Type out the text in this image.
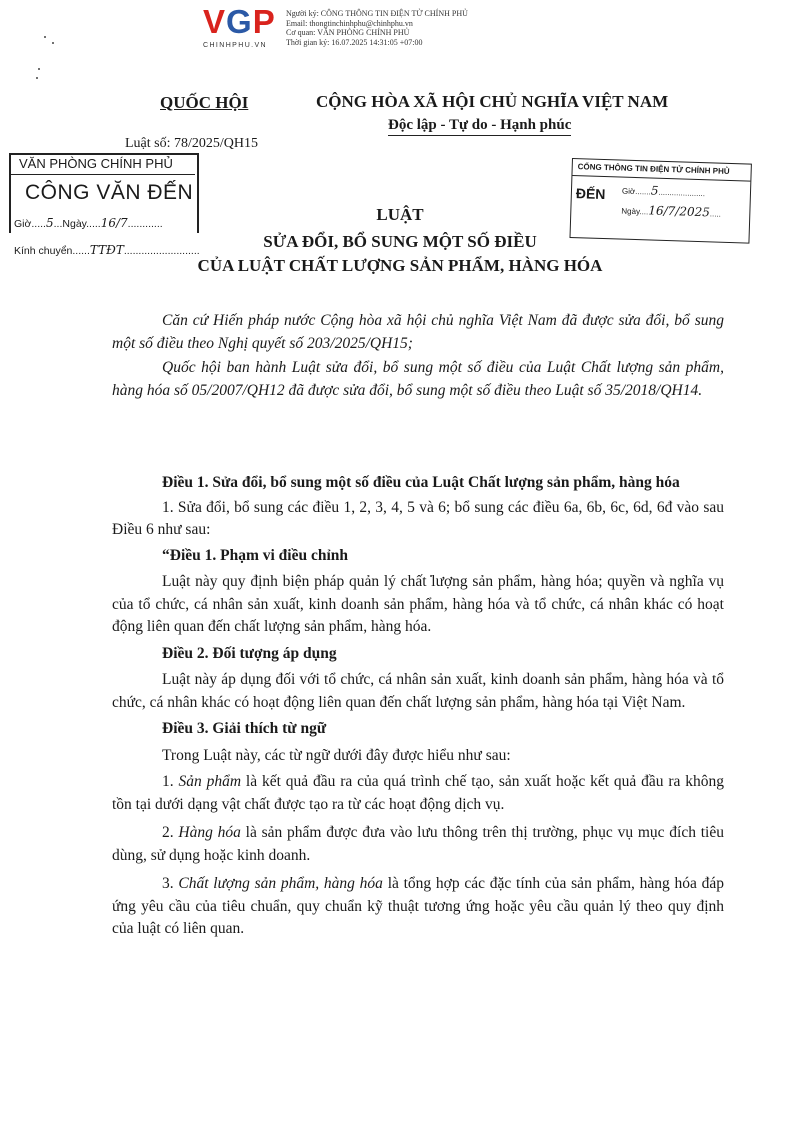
VGP
CHINHPHU.VN
Người ký: CÔNG THÔNG TIN ĐIỆN TỬ CHÍNH PHỦ
Email: thongtinchinhphu@chinhphu.vn
Cơ quan: VĂN PHÒNG CHÍNH PHỦ
Thời gian ký: 16.07.2025 14:31:05 +07:00
QUỐC HỘI	CỘNG HÒA XÃ HỘI CHỦ NGHĨA VIỆT NAM
Độc lập - Tự do - Hạnh phúc
Luật số: 78/2025/QH15
VĂN PHÒNG CHÍNH PHỦ
CÔNG VĂN ĐẾN
Giờ.....5...Ngày.....16/7............
Kính chuyển......TTĐT..........................
CỔNG THÔNG TIN ĐIỆN TỬ CHÍNH PHỦ
ĐẾN Giờ.......5.....................
Ngày....16/7/2025.....
LUẬT
SỬA ĐỔI, BỔ SUNG MỘT SỐ ĐIỀU
CỦA LUẬT CHẤT LƯỢNG SẢN PHẨM, HÀNG HÓA

Căn cứ Hiến pháp nước Cộng hòa xã hội chủ nghĩa Việt Nam đã được sửa đổi, bổ sung một số điều theo Nghị quyết số 203/2025/QH15;

Quốc hội ban hành Luật sửa đổi, bổ sung một số điều của Luật Chất lượng sản phẩm, hàng hóa số 05/2007/QH12 đã được sửa đổi, bổ sung một số điều theo Luật số 35/2018/QH14.

Điều 1. Sửa đổi, bổ sung một số điều của Luật Chất lượng sản phẩm, hàng hóa

1. Sửa đổi, bổ sung các điều 1, 2, 3, 4, 5 và 6; bổ sung các điều 6a, 6b, 6c, 6d, 6đ vào sau Điều 6 như sau:

“Điều 1. Phạm vi điều chỉnh

Luật này quy định biện pháp quản lý chất lượng sản phẩm, hàng hóa; quyền và nghĩa vụ của tổ chức, cá nhân sản xuất, kinh doanh sản phẩm, hàng hóa và tổ chức, cá nhân khác có hoạt động liên quan đến chất lượng sản phẩm, hàng hóa.

Điều 2. Đối tượng áp dụng

Luật này áp dụng đối với tổ chức, cá nhân sản xuất, kinh doanh sản phẩm, hàng hóa và tổ chức, cá nhân khác có hoạt động liên quan đến chất lượng sản phẩm, hàng hóa tại Việt Nam.

Điều 3. Giải thích từ ngữ

Trong Luật này, các từ ngữ dưới đây được hiểu như sau:

1. Sản phẩm là kết quả đầu ra của quá trình chế tạo, sản xuất hoặc kết quả đầu ra không tồn tại dưới dạng vật chất được tạo ra từ các hoạt động dịch vụ.

2. Hàng hóa là sản phẩm được đưa vào lưu thông trên thị trường, phục vụ mục đích tiêu dùng, sử dụng hoặc kinh doanh.

3. Chất lượng sản phẩm, hàng hóa là tổng hợp các đặc tính của sản phẩm, hàng hóa đáp ứng yêu cầu của tiêu chuẩn, quy chuẩn kỹ thuật tương ứng hoặc yêu cầu quản lý theo quy định của luật có liên quan.
